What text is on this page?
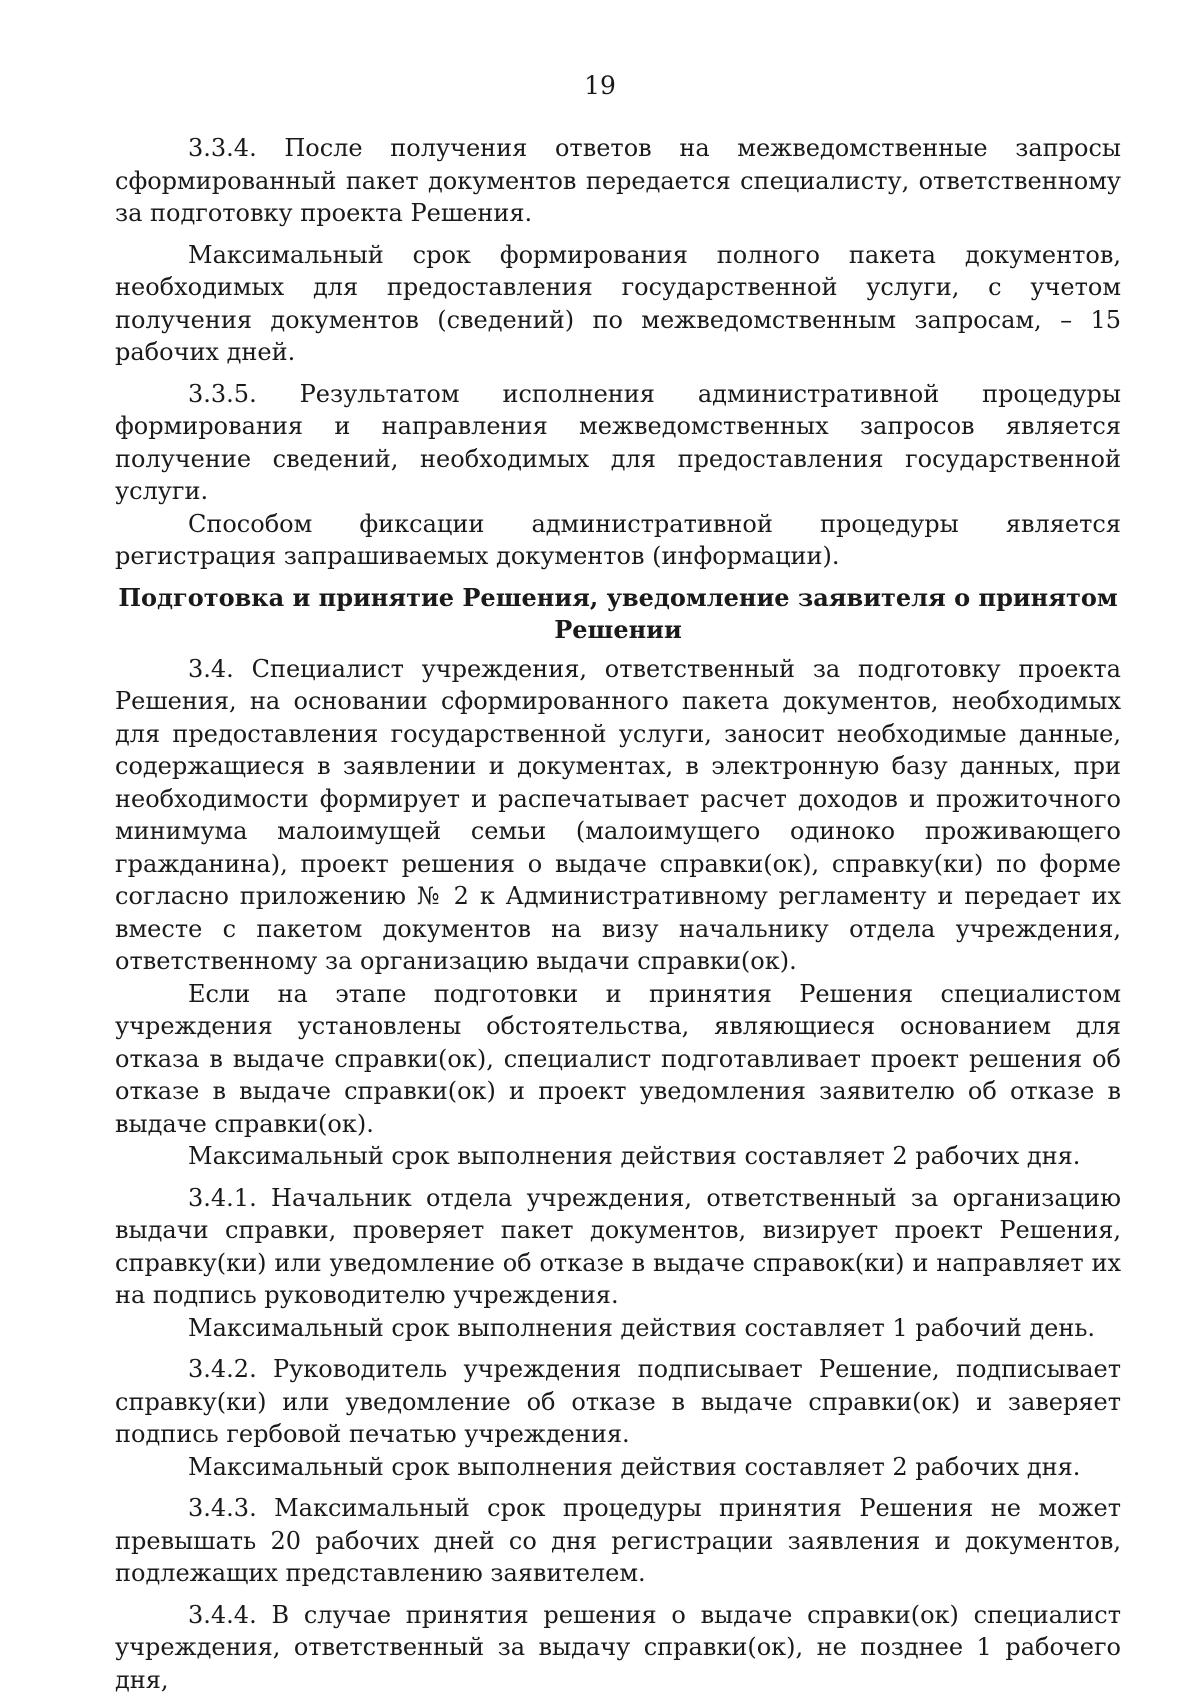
19

3.3.4. После получения ответов на межведомственные запросы сформированный пакет документов передается специалисту, ответственному за подготовку проекта Решения.

Максимальный срок формирования полного пакета документов, необходимых для предоставления государственной услуги, с учетом получения документов (сведений) по межведомственным запросам, – 15 рабочих дней.

3.3.5. Результатом исполнения административной процедуры формирования и направления межведомственных запросов является получение сведений, необходимых для предоставления государственной услуги.

Способом фиксации административной процедуры является регистрация запрашиваемых документов (информации).

Подготовка и принятие Решения, уведомление заявителя о принятом Решении

3.4. Специалист учреждения, ответственный за подготовку проекта Решения, на основании сформированного пакета документов, необходимых для предоставления государственной услуги, заносит необходимые данные, содержащиеся в заявлении и документах, в электронную базу данных, при необходимости формирует и распечатывает расчет доходов и прожиточного минимума малоимущей семьи (малоимущего одиноко проживающего гражданина), проект решения о выдаче справки(ок), справку(ки) по форме согласно приложению № 2 к Административному регламенту и передает их вместе с пакетом документов на визу начальнику отдела учреждения, ответственному за организацию выдачи справки(ок).

Если на этапе подготовки и принятия Решения специалистом учреждения установлены обстоятельства, являющиеся основанием для отказа в выдаче справки(ок), специалист подготавливает проект решения об отказе в выдаче справки(ок) и проект уведомления заявителю об отказе в выдаче справки(ок).

Максимальный срок выполнения действия составляет 2 рабочих дня.

3.4.1. Начальник отдела учреждения, ответственный за организацию выдачи справки, проверяет пакет документов, визирует проект Решения, справку(ки) или уведомление об отказе в выдаче справок(ки) и направляет их на подпись руководителю учреждения.

Максимальный срок выполнения действия составляет 1 рабочий день.

3.4.2. Руководитель учреждения подписывает Решение, подписывает справку(ки) или уведомление об отказе в выдаче справки(ок) и заверяет подпись гербовой печатью учреждения.

Максимальный срок выполнения действия составляет 2 рабочих дня.

3.4.3. Максимальный срок процедуры принятия Решения не может превышать 20 рабочих дней со дня регистрации заявления и документов, подлежащих представлению заявителем.

3.4.4. В случае принятия решения о выдаче справки(ок) специалист учреждения, ответственный за выдачу справки(ок), не позднее 1 рабочего дня,
